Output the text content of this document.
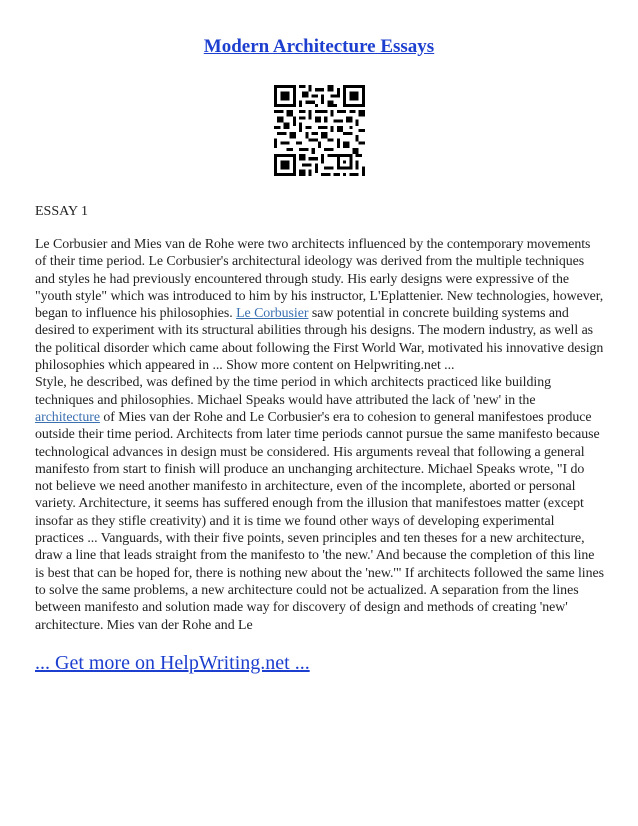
Modern Architecture Essays
ESSAY 1

Le Corbusier and Mies van de Rohe were two architects influenced by the contemporary movements of their time period. Le Corbusier's architectural ideology was derived from the multiple techniques and styles he had previously encountered through study. His early designs were expressive of the "youth style" which was introduced to him by his instructor, L'Eplattenier. New technologies, however, began to influence his philosophies. Le Corbusier saw potential in concrete building systems and desired to experiment with its structural abilities through his designs. The modern industry, as well as the political disorder which came about following the First World War, motivated his innovative design philosophies which appeared in ... Show more content on Helpwriting.net ...

Style, he described, was defined by the time period in which architects practiced like building techniques and philosophies. Michael Speaks would have attributed the lack of 'new' in the
architecture of Mies van der Rohe and Le Corbusier's era to cohesion to general manifestoes produce outside their time period. Architects from later time periods cannot pursue the same manifesto because technological advances in design must be considered. His arguments reveal that following a general manifesto from start to finish will produce an unchanging architecture. Michael Speaks wrote, "I do not believe we need another manifesto in architecture, even of the incomplete, aborted or personal variety. Architecture, it seems has suffered enough from the illusion that manifestoes matter (except insofar as they stifle creativity) and it is time we found other ways of developing experimental practices ... Vanguards, with their five points, seven principles and ten theses for a new architecture, draw a line that leads straight from the manifesto to 'the new.' And because the completion of this line is best that can be hoped for, there is nothing new about the 'new.'" If architects followed the same lines to solve the same problems, a new architecture could not be actualized. A separation from the lines between manifesto and solution made way for discovery of design and methods of creating 'new' architecture. Mies van der Rohe and Le

... Get more on HelpWriting.net ...
